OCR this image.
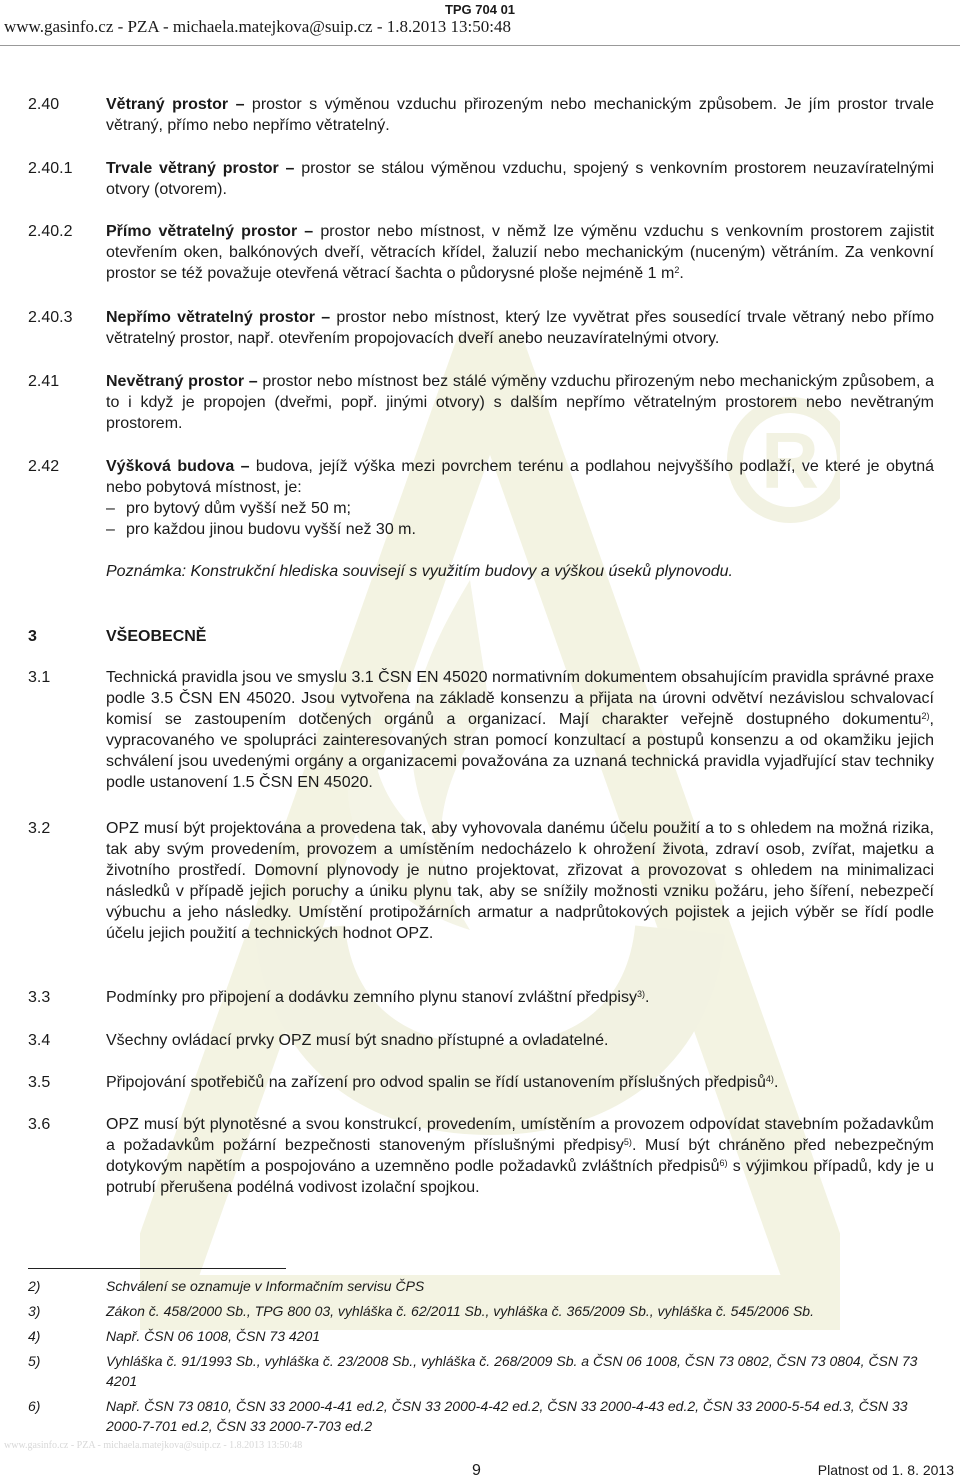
R
TPG 704 01
www.gasinfo.cz - PZA - michaela.matejkova@suip.cz - 1.8.2013 13:50:48
2.40	Větraný prostor – prostor s výměnou vzduchu přirozeným nebo mechanickým způsobem. Je jím prostor trvale větraný, přímo nebo nepřímo větratelný.
2.40.1 Trvale větraný prostor – prostor se stálou výměnou vzduchu, spojený s venkovním prostorem neuzavíratelnými otvory (otvorem).
2.40.2 Přímo větratelný prostor – prostor nebo místnost, v němž lze výměnu vzduchu s venkovním prostorem zajistit otevřením oken, balkónových dveří, větracích křídel, žaluzií nebo mechanickým (nuceným) větráním. Za venkovní prostor se též považuje otevřená větrací šachta o půdorysné ploše nejméně 1 $m^2$.
2.40.3 Nepřímo větratelný prostor – prostor nebo místnost, který lze vyvětrat přes sousedící trvale větraný nebo přímo větratelný prostor, např. otevřením propojovacích dveří anebo neuzavíratelnými otvory.
2.41	Nevětraný prostor – prostor nebo místnost bez stálé výměny vzduchu přirozeným nebo mechanickým způsobem, a to i když je propojen (dveřmi, popř. jinými otvory) s dalším nepřímo větratelným prostorem nebo nevětraným prostorem.
2.42	Výšková budova – budova, jejíž výška mezi povrchem terénu a podlahou nejvyššího podlaží, ve které je obytná nebo pobytová místnost, je:
– pro bytový dům vyšší než 50 m;
– pro každou jinou budovu vyšší než 30 m.
Poznámka: Konstrukční hlediska souvisejí s využitím budovy a výškou úseků plynovodu.
3	VŠEOBECNĚ
3.1	Technická pravidla jsou ve smyslu 3.1 ČSN EN 45020 normativním dokumentem obsahujícím pravidla správné praxe podle 3.5 ČSN EN 45020. Jsou vytvořena na základě konsenzu a přijata na úrovni odvětví nezávislou schvalovací komisí se zastoupením dotčených orgánů a organizací. Mají charakter veřejně dostupného dokumentu$^{2)}$, vypracovaného ve spolupráci zainteresovaných stran pomocí konzultací a postupů konsenzu a od okamžiku jejich schválení jsou uvedenými orgány a organizacemi považována za uznaná technická pravidla vyjadřující stav techniky podle ustanovení 1.5 ČSN EN 45020.
3.2	OPZ musí být projektována a provedena tak, aby vyhovovala danému účelu použití a to s ohledem na možná rizika, tak aby svým provedením, provozem a umístěním nedocházelo k ohrožení života, zdraví osob, zvířat, majetku a životního prostředí. Domovní plynovody je nutno projektovat, zřizovat a provozovat s ohledem na minimalizaci následků v případě jejich poruchy a úniku plynu tak, aby se snížily možnosti vzniku požáru, jeho šíření, nebezpečí výbuchu a jeho následky. Umístění protipožárních armatur a nadprůtokových pojistek a jejich výběr se řídí podle účelu jejich použití a technických hodnot OPZ.
3.3	Podmínky pro připojení a dodávku zemního plynu stanoví zvláštní předpisy$^{3)}$.
3.4	Všechny ovládací prvky OPZ musí být snadno přístupné a ovladatelné.
3.5	Připojování spotřebičů na zařízení pro odvod spalin se řídí ustanovením příslušných předpisů$^{4)}$.
3.6	OPZ musí být plynotěsné a svou konstrukcí, provedením, umístěním a provozem odpovídat stavebním požadavkům a požadavkům požární bezpečnosti stanoveným příslušnými předpisy$^{5)}$. Musí být chráněno před nebezpečným dotykovým napětím a pospojováno a uzemněno podle požadavků zvláštních předpisů$^{6)}$ s výjimkou případů, kdy je u potrubí přerušena podélná vodivost izolační spojkou.
2)	Schválení se oznamuje v Informačním servisu ČPS
3)	Zákon č. 458/2000 Sb., TPG 800 03, vyhláška č. 62/2011 Sb., vyhláška č. 365/2009 Sb., vyhláška č. 545/2006 Sb.
4)	Např. ČSN 06 1008, ČSN 73 4201
5)	Vyhláška č. 91/1993 Sb., vyhláška č. 23/2008 Sb., vyhláška č. 268/2009 Sb. a ČSN 06 1008, ČSN 73 0802, ČSN 73 0804, ČSN 73 4201
6)	Např. ČSN 73 0810, ČSN 33 2000-4-41 ed.2, ČSN 33 2000-4-42 ed.2, ČSN 33 2000-4-43 ed.2, ČSN 33 2000-5-54 ed.3, ČSN 33 2000-7-701 ed.2, ČSN 33 2000-7-703 ed.2
www.gasinfo.cz - PZA - michaela.matejkova@suip.cz - 1.8.2013 13:50:48
9	Platnost od 1. 8. 2013
